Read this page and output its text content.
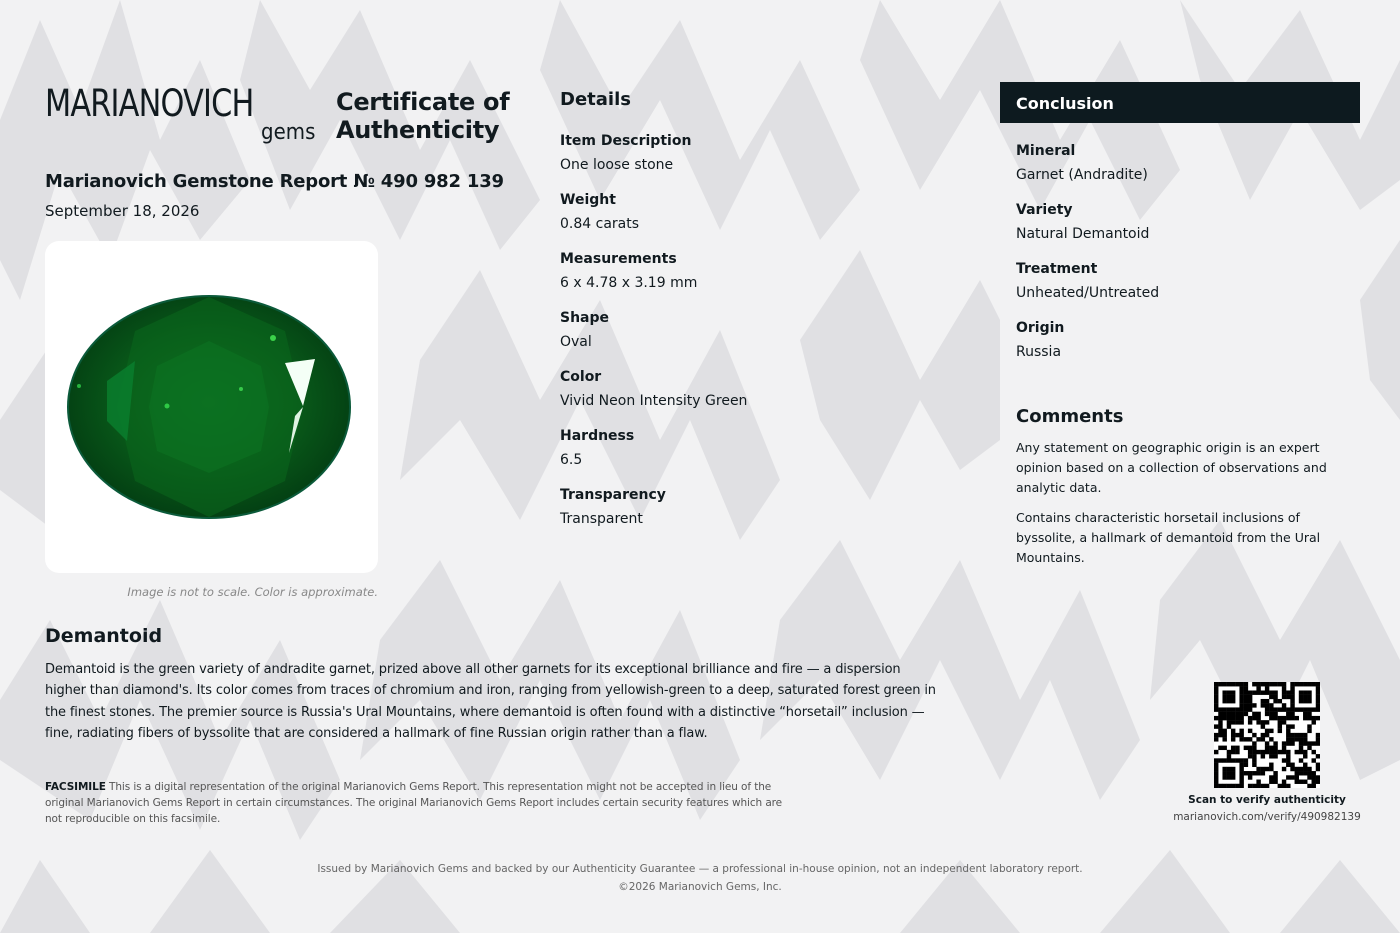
MARIANOVICH
gems
Certificate of
Authenticity
Marianovich Gemstone Report № 490 982 139
September 18, 2026
Image is not to scale. Color is approximate.
Details
Item Description
One loose stone
Weight
0.84 carats
Measurements
6 x 4.78 x 3.19 mm
Shape
Oval
Color
Vivid Neon Intensity Green
Hardness
6.5
Transparency
Transparent
Conclusion
Mineral
Garnet (Andradite)
Variety
Natural Demantoid
Treatment
Unheated/Untreated
Origin
Russia
Comments

Any statement on geographic origin is an expert opinion based on a collection of observations and analytic data.

Contains characteristic horsetail inclusions of byssolite, a hallmark of demantoid from the Ural Mountains.

Demantoid
Demantoid is the green variety of andradite garnet, prized above all other garnets for its exceptional brilliance and fire — a dispersion higher than diamond's. Its color comes from traces of chromium and iron, ranging from yellowish-green to a deep, saturated forest green in the finest stones. The premier source is Russia's Ural Mountains, where demantoid is often found with a distinctive “horsetail” inclusion — fine, radiating fibers of byssolite that are considered a hallmark of fine Russian origin rather than a flaw.
FACSIMILE This is a digital representation of the original Marianovich Gems Report. This representation might not be accepted in lieu of the original Marianovich Gems Report in certain circumstances. The original Marianovich Gems Report includes certain security features which are not reproducible on this facsimile.
Scan to verify authenticity
marianovich.com/verify/490982139
Issued by Marianovich Gems and backed by our Authenticity Guarantee — a professional in-house opinion, not an independent laboratory report.
©2026 Marianovich Gems, Inc.
